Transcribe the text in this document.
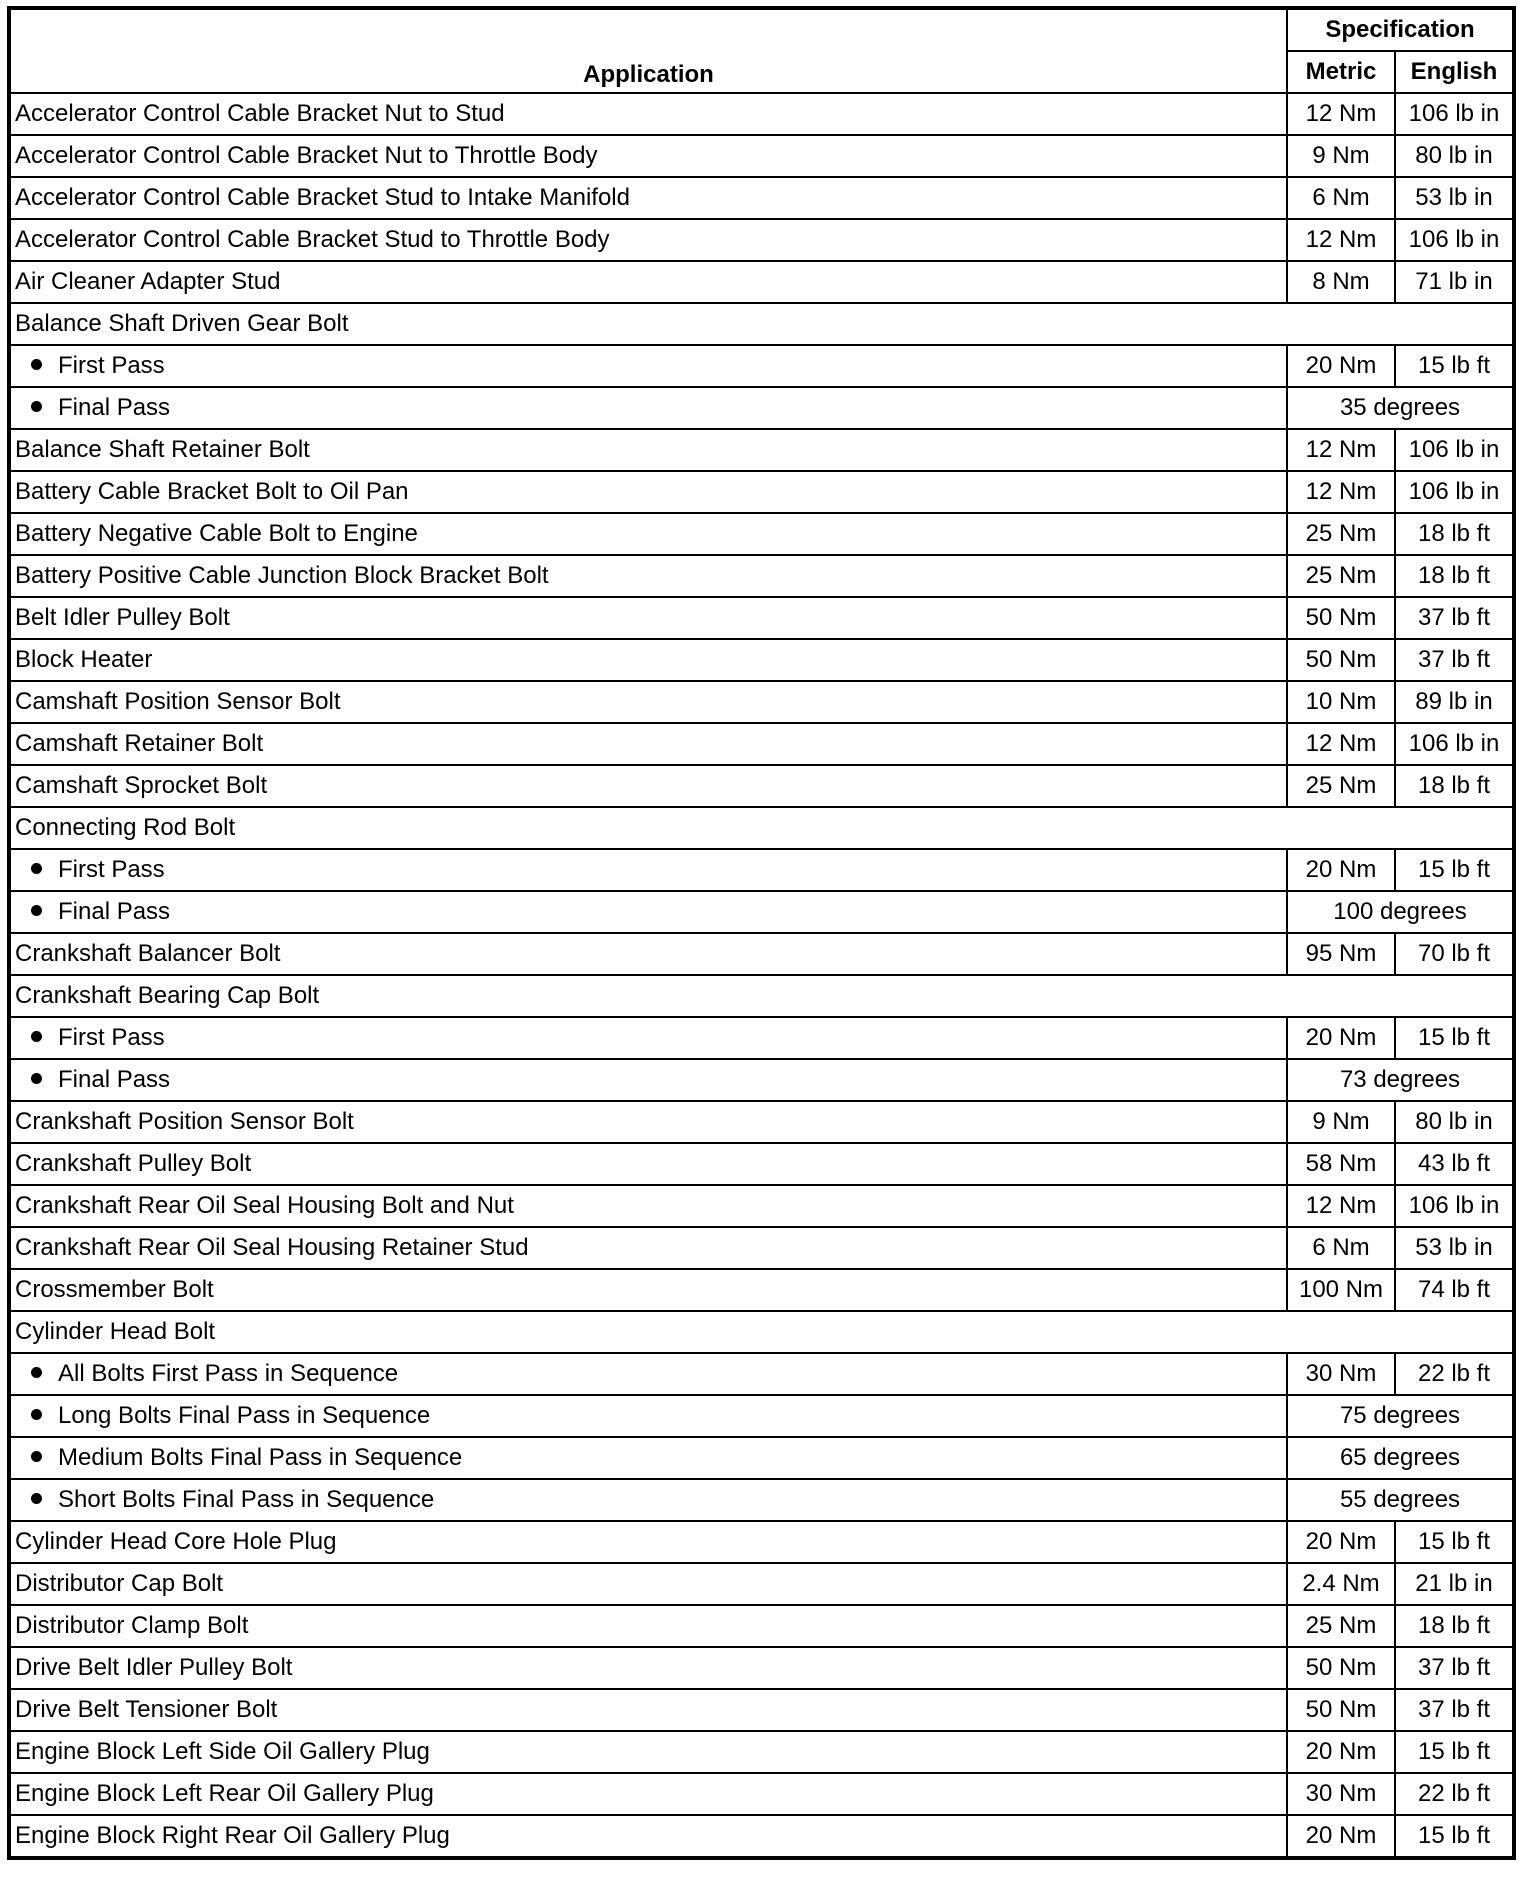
Application	Specification	
	Metric	English
Accelerator Control Cable Bracket Nut to Stud	12 Nm	106 lb in
Accelerator Control Cable Bracket Nut to Throttle Body	9 Nm	80 lb in
Accelerator Control Cable Bracket Stud to Intake Manifold	6 Nm	53 lb in
Accelerator Control Cable Bracket Stud to Throttle Body	12 Nm	106 lb in
Air Cleaner Adapter Stud	8 Nm	71 lb in
Balance Shaft Driven Gear Bolt		
First Pass	20 Nm	15 lb ft
Final Pass	35 degrees	
Balance Shaft Retainer Bolt	12 Nm	106 lb in
Battery Cable Bracket Bolt to Oil Pan	12 Nm	106 lb in
Battery Negative Cable Bolt to Engine	25 Nm	18 lb ft
Battery Positive Cable Junction Block Bracket Bolt	25 Nm	18 lb ft
Belt Idler Pulley Bolt	50 Nm	37 lb ft
Block Heater	50 Nm	37 lb ft
Camshaft Position Sensor Bolt	10 Nm	89 lb in
Camshaft Retainer Bolt	12 Nm	106 lb in
Camshaft Sprocket Bolt	25 Nm	18 lb ft
Connecting Rod Bolt		
First Pass	20 Nm	15 lb ft
Final Pass	100 degrees	
Crankshaft Balancer Bolt	95 Nm	70 lb ft
Crankshaft Bearing Cap Bolt		
First Pass	20 Nm	15 lb ft
Final Pass	73 degrees	
Crankshaft Position Sensor Bolt	9 Nm	80 lb in
Crankshaft Pulley Bolt	58 Nm	43 lb ft
Crankshaft Rear Oil Seal Housing Bolt and Nut	12 Nm	106 lb in
Crankshaft Rear Oil Seal Housing Retainer Stud	6 Nm	53 lb in
Crossmember Bolt	100 Nm	74 lb ft
Cylinder Head Bolt		
All Bolts First Pass in Sequence	30 Nm	22 lb ft
Long Bolts Final Pass in Sequence	75 degrees	
Medium Bolts Final Pass in Sequence	65 degrees	
Short Bolts Final Pass in Sequence	55 degrees	
Cylinder Head Core Hole Plug	20 Nm	15 lb ft
Distributor Cap Bolt	2.4 Nm	21 lb in
Distributor Clamp Bolt	25 Nm	18 lb ft
Drive Belt Idler Pulley Bolt	50 Nm	37 lb ft
Drive Belt Tensioner Bolt	50 Nm	37 lb ft
Engine Block Left Side Oil Gallery Plug	20 Nm	15 lb ft
Engine Block Left Rear Oil Gallery Plug	30 Nm	22 lb ft
Engine Block Right Rear Oil Gallery Plug	20 Nm	15 lb ft
